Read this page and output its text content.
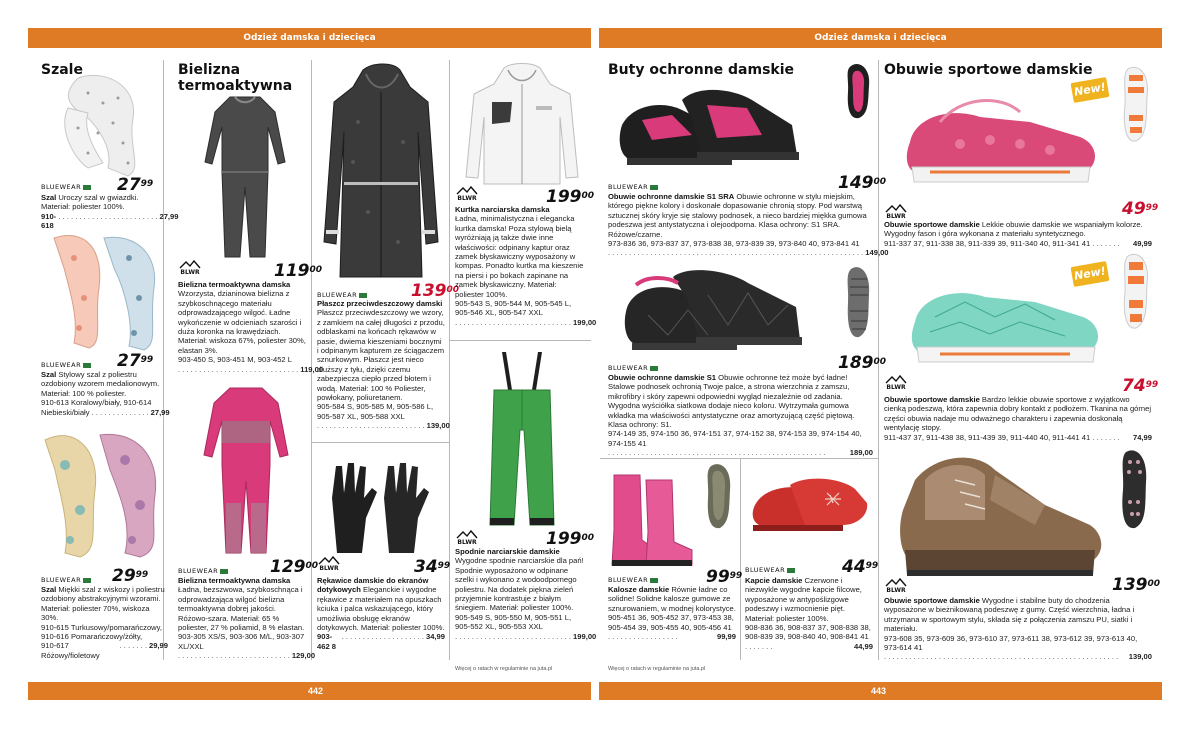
Odzież damska i dziecięca	Odzież damska i dziecięca
Szale	Bielizna termoaktywna
Buty ochronne damskie	Obuwie sportowe damskie
$27^{99}$
BLUEWEAR
Szal Uroczy szal w gwiazdki. Materiał: poliester 100%.
910-618
. . . . . . . . . . . . . . . . . . . . . . . . 27,99
$27^{99}$
BLUEWEAR
Szal Stylowy szal z poliestru ozdobiony wzorem medalionowym. Materiał: 100 % poliester.
910-613 Koralowy/biały, 910-614
Niebieski/biały . . . . . . . . . . . . . . 27,99
$29^{99}$
BLUEWEAR
Szal Miękki szal z wiskozy i poliestru ozdobiony abstrakcyjnymi wzorami. Materiał: poliester 70%, wiskoza 30%.
910-615 Turkusowy/pomarańczowy, 910-616 Pomarańczowy/żółty,
910-617 Różowy/fioletowy
. . . . . . . 29,99
BLWR	$119^{00}$
Bielizna termoaktywna damska
Wzorzysta, dzianinowa bielizna z szybkoschnącego materiału odprowadzającego wilgoć. Ładne wykończenie w odcieniach szarości i duża koronka na krawędziach. Materiał: wiskoza 67%, poliester 30%, elastan 3%.
903-450 S, 903-451 M, 903-452 L
. . . . . . . . . . . . . . . . . . . . . . . . . . . . . 119,00
$129^{00}$
BLUEWEAR
Bielizna termoaktywna damska
Ładna, bezszwowa, szybkoschnąca i odprowadzająca wilgoć bielizna termoaktywna dobrej jakości. Różowo-szara. Materiał: 65 % poliester, 27 % poliamid, 8 % elastan.
903-305 XS/S, 903-306 M/L, 903-307 XL/XXL
. . . . . . . . . . . . . . . . . . . . . . . . . . . 129,00
$139^{00}$
BLUEWEAR
Płaszcz przeciwdeszczowy damski
Płaszcz przeciwdeszczowy we wzory, z zamkiem na całej długości z przodu, odblaskami na końcach rękawów w pasie, dwiema kieszeniami bocznymi i odpinanym kapturem ze ściągaczem sznurkowym. Płaszcz jest nieco dłuższy z tyłu, dzięki czemu zabezpiecza ciepło przed błotem i wodą. Materiał: 100 % Poliester, powłokany, poliuretanem.
905-584 S, 905-585 M, 905-586 L, 905-587 XL, 905-588 XXL
. . . . . . . . . . . . . . . . . . . . . . . . . . 139,00
BLWR	$34^{99}$
Rękawice damskie do ekranów dotykowych Eleganckie i wygodne rękawice z materiałem na opuszkach kciuka i palca wskazującego, który umożliwia obsługę ekranów dotykowych. Materiał: poliester 100%.
903-462 8
. . . . . . . . . . . . . . . . . . . . 34,99
BLWR	$199^{00}$
Kurtka narciarska damska
Ładna, minimalistyczna i elegancka kurtka damska! Poza stylową bielą wyróżniają ją także dwie inne właściwości: odpinany kaptur oraz zamek błyskawiczny wyposażony w kompas. Ponadto kurtka ma kieszenie na piersi i po bokach zapinane na zamek błyskawiczny. Materiał: poliester 100%.
905-543 S, 905-544 M, 905-545 L, 905-546 XL, 905-547 XXL
. . . . . . . . . . . . . . . . . . . . . . . . . . . . 199,00
BLWR	$199^{00}$
Spodnie narciarskie damskie Wygodne spodnie narciarskie dla pań! Spodnie wyposażono w odpinane szelki i wykonano z wodoodpornego poliestru. Na dodatek piękna zieleń przyjemnie kontrastuje z białym śniegiem. Materiał: poliester 100%.
905-549 S, 905-550 M, 905-551 L, 905-552 XL, 905-553 XXL
. . . . . . . . . . . . . . . . . . . . . . . . . . . . 199,00
Więcej o ratach w regulaminie na juta.pl
$149^{00}$
BLUEWEAR
Obuwie ochronne damskie S1 SRA Obuwie ochronne w stylu miejskim, którego piękne kolory i doskonałe dopasowanie chronią stopy. Pod warstwą sztucznej skóry kryje się stalowy podnosek, a nieco bardziej miękka gumowa podeszwa jest antystatyczna i olejoodporna. Klasa ochrony: S1 SRA. Różowe/czarne.
973-836 36, 973-837 37, 973-838 38, 973-839 39, 973-840 40, 973-841 41
. . . . . . . . . . . . . . . . . . . . . . . . . . . . . . . . . . . . . . . . . . . . . . . . . . . . . . . . . . . . . 149,00
$189^{00}$
BLUEWEAR
Obuwie ochronne damskie S1 Obuwie ochronne też może być ładne! Stalowe podnosek ochronią Twoje palce, a strona wierzchnia z zamszu, mikrofibry i skóry zapewni odpowiedni wygląd niezależnie od zadania. Wygodna wyściółka siatkowa dodaje nieco koloru. Wytrzymała gumowa wkładka ma właściwości antystatyczne oraz amortyzującą część piętową. Klasa ochrony: S1.
974-149 35, 974-150 36, 974-151 37, 974-152 38, 974-153 39, 974-154 40, 974-155 41
. . . . . . . . . . . . . . . . . . . . . . . . . . . . . . . . . . . . . . . . . . . . . . . . . . . .	189,00
$99^{99}$
BLUEWEAR
Kalosze damskie Równie ładne co solidne! Solidne kalosze gumowe ze sznurowaniem, w modnej kolorystyce.
905-451 36, 905-452 37, 973-453 38, 905-454 39, 905-455 40, 905-456 41
. . . . . . . . . . . . . . . . .	99,99
Więcej o ratach w regulaminie na juta.pl
$44^{99}$
BLUEWEAR
Kapcie damskie Czerwone i niezwykle wygodne kapcie filcowe, wyposażone w antypoślizgowe podeszwy i wzmocnienie pięt. Materiał: poliester 100%.
908-836 36, 908-837 37, 908-838 38, 908-839 39, 908-840 40, 908-841 41
. . . . . . .	44,99
New!
$49^{99}$
BLWR
Obuwie sportowe damskie Lekkie obuwie damskie we wspaniałym kolorze. Wygodny fason i góra wykonana z materiału syntetycznego.
911-337 37, 911-338 38, 911-339 39, 911-340 40, 911-341 41 . . . . . . .	49,99
New!
$74^{99}$
BLWR
Obuwie sportowe damskie Bardzo lekkie obuwie sportowe z wyjątkowo cienką podeszwą, która zapewnia dobry kontakt z podłożem. Tkanina na górnej części obuwia nadaje mu odważnego charakteru i zapewnia doskonałą wentylację stopy.
911-437 37, 911-438 38, 911-439 39, 911-440 40, 911-441 41 . . . . . . .	74,99
$139^{00}$
BLWR
Obuwie sportowe damskie Wygodne i stabilne buty do chodzenia wyposażone w bieżnikowaną podeszwę z gumy. Część wierzchnia, ładna i utrzymana w sportowym stylu, składa się z połączenia zamszu PU, siatki i materiału.
973-608 35, 973-609 36, 973-610 37, 973-611 38, 973-612 39, 973-613 40, 973-614 41
. . . . . . . . . . . . . . . . . . . . . . . . . . . . . . . . . . . . . . . . . . . . . . . . . . . . . . . .	139,00
442	443
